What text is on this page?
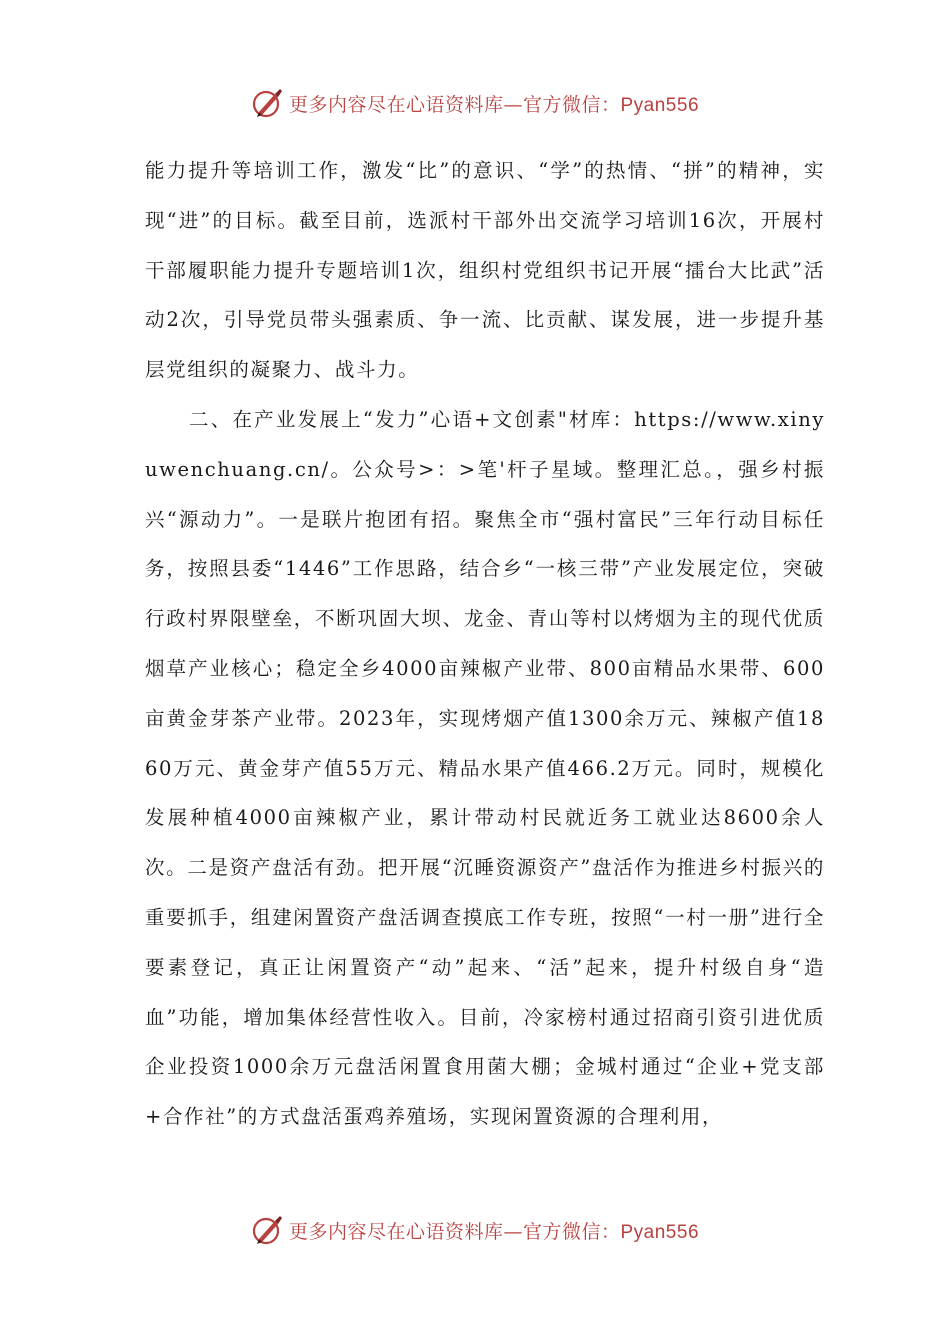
更多内容尽在心语资料库—官方微信：Pyan556

能力提升等培训工作，激发“比”的意识、“学”的热情、“拼”的精神，实现“进”的目标。截至目前，选派村干部外出交流学习培训16次，开展村干部履职能力提升专题培训1次，组织村党组织书记开展“擂台大比武”活动2次，引导党员带头强素质、争一流、比贡献、谋发展，进一步提升基层党组织的凝聚力、战斗力。

二、在产业发展上“发力”心语+文创素"材库：https://www.xinyuwenchuang.cn/。公众号>：>笔'杆子星域。整理汇总。，强乡村振兴“源动力”。一是联片抱团有招。聚焦全市“强村富民”三年行动目标任务，按照县委“1446”工作思路，结合乡“一核三带”产业发展定位，突破行政村界限壁垒，不断巩固大坝、龙金、青山等村以烤烟为主的现代优质烟草产业核心；稳定全乡4000亩辣椒产业带、800亩精品水果带、600亩黄金芽茶产业带。2023年，实现烤烟产值1300余万元、辣椒产值1860万元、黄金芽产值55万元、精品水果产值466.2万元。同时，规模化发展种植4000亩辣椒产业，累计带动村民就近务工就业达8600余人次。二是资产盘活有劲。把开展“沉睡资源资产”盘活作为推进乡村振兴的重要抓手，组建闲置资产盘活调查摸底工作专班，按照“一村一册”进行全要素登记，真正让闲置资产“动”起来、“活”起来，提升村级自身“造血”功能，增加集体经营性收入。目前，冷家榜村通过招商引资引进优质企业投资1000余万元盘活闲置食用菌大棚；金城村通过“企业+党支部+合作社”的方式盘活蛋鸡养殖场，实现闲置资源的合理利用，

更多内容尽在心语资料库—官方微信：Pyan556
